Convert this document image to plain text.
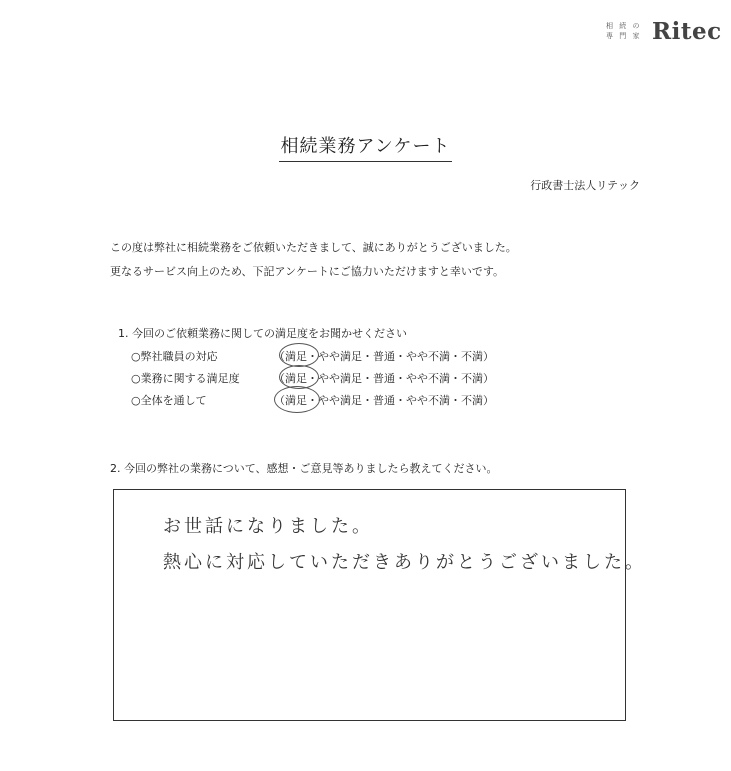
相 続 の
専 門 家 Ritec
相続業務アンケート
行政書士法人リテック
この度は弊社に相続業務をご依頼いただきまして、誠にありがとうございました。
更なるサービス向上のため、下記アンケートにご協力いただけますと幸いです。
1. 今回のご依頼業務に関しての満足度をお聞かせください
○弊社職員の対応	（満足・やや満足・普通・やや不満・不満）
○業務に関する満足度	（満足・やや満足・普通・やや不満・不満）
○全体を通して	（満足・やや満足・普通・やや不満・不満）
2. 今回の弊社の業務について、感想・ご意見等ありましたら教えてください。
お世話になりました。
熱心に対応していただきありがとうございました。
